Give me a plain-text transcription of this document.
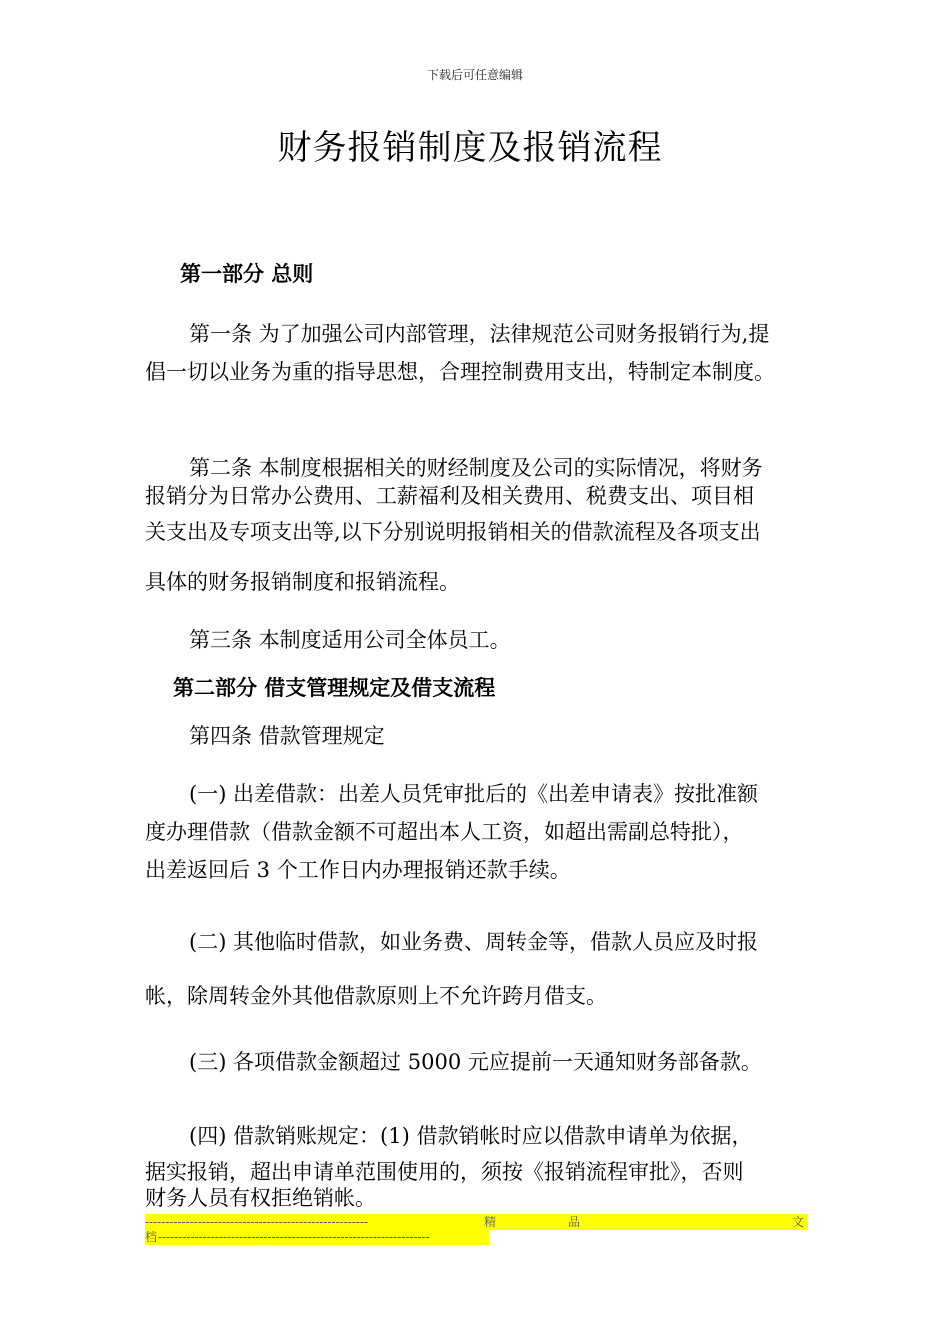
下载后可任意编辑
财务报销制度及报销流程
第一部分 总则
第一条 为了加强公司内部管理，法律规范公司财务报销行为,提
倡一切以业务为重的指导思想，合理控制费用支出，特制定本制度。
第二条 本制度根据相关的财经制度及公司的实际情况，将财务
报销分为日常办公费用、工薪福利及相关费用、税费支出、项目相
关支出及专项支出等,以下分别说明报销相关的借款流程及各项支出
具体的财务报销制度和报销流程。
第三条 本制度适用公司全体员工。
第二部分 借支管理规定及借支流程
第四条 借款管理规定
(一) 出差借款：出差人员凭审批后的《出差申请表》按批准额
度办理借款（借款金额不可超出本人工资，如超出需副总特批），
出差返回后 3 个工作日内办理报销还款手续。
(二) 其他临时借款，如业务费、周转金等，借款人员应及时报
帐，除周转金外其他借款原则上不允许跨月借支。
(三) 各项借款金额超过 5000 元应提前一天通知财务部备款。
(四) 借款销账规定：(1) 借款销帐时应以借款申请单为依据，
据实报销，超出申请单范围使用的，须按《报销流程审批》，否则
财务人员有权拒绝销帐。
-------------------------------------------------------	精	品	文
档 -------------------------------------------------------------------
